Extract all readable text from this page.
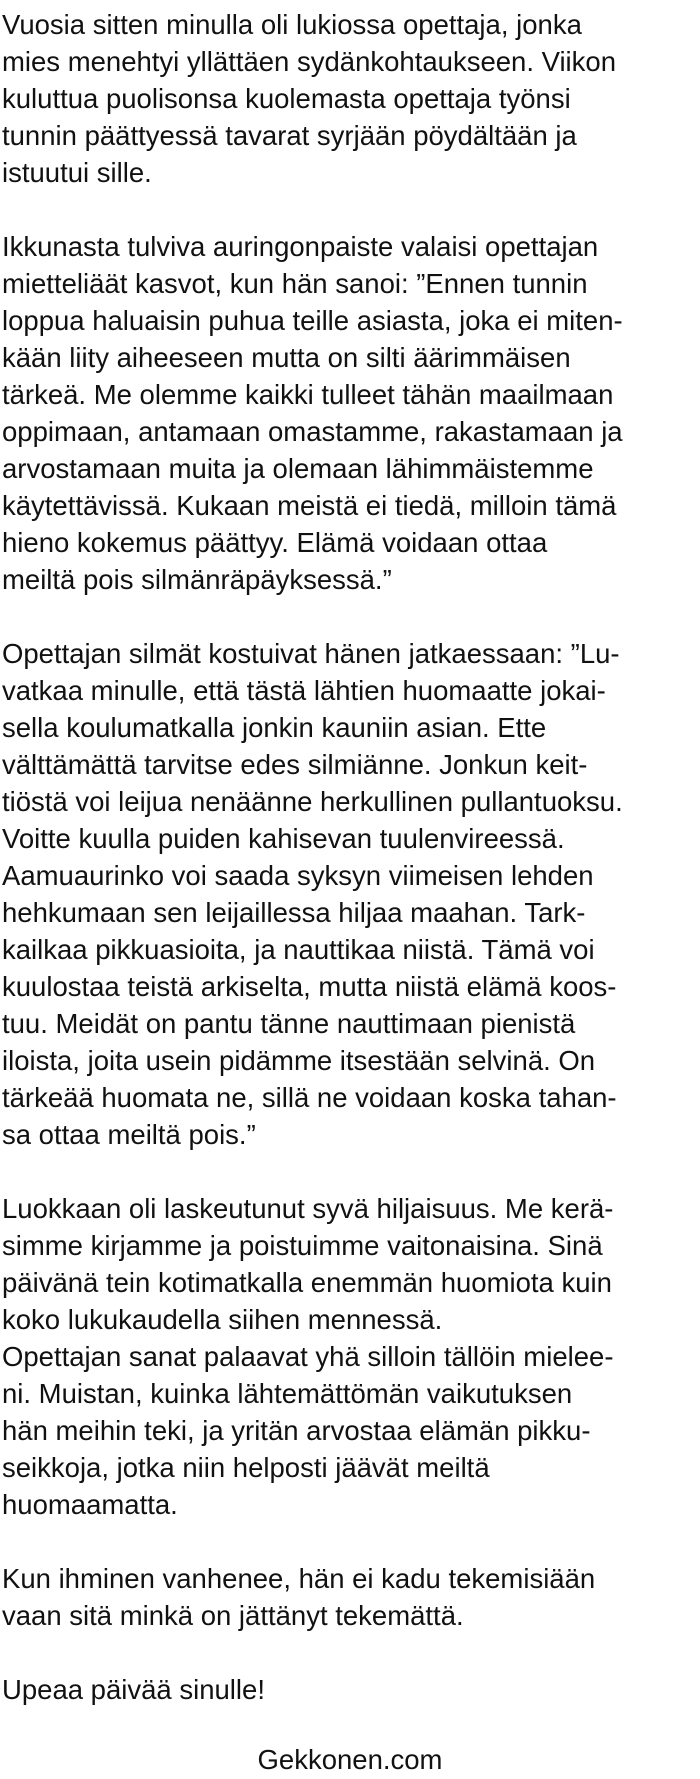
Vuosia sitten minulla oli lukiossa opettaja, jonka
mies menehtyi yllättäen sydänkohtaukseen. Viikon
kuluttua puolisonsa kuolemasta opettaja työnsi
tunnin päättyessä tavarat syrjään pöydältään ja
istuutui sille.

Ikkunasta tulviva auringonpaiste valaisi opettajan
mietteliäät kasvot, kun hän sanoi: ”Ennen tunnin
loppua haluaisin puhua teille asiasta, joka ei miten-
kään liity aiheeseen mutta on silti äärimmäisen
tärkeä. Me olemme kaikki tulleet tähän maailmaan
oppimaan, antamaan omastamme, rakastamaan ja
arvostamaan muita ja olemaan lähimmäistemme
käytettävissä. Kukaan meistä ei tiedä, milloin tämä
hieno kokemus päättyy. Elämä voidaan ottaa
meiltä pois silmänräpäyksessä.”

Opettajan silmät kostuivat hänen jatkaessaan: ”Lu-
vatkaa minulle, että tästä lähtien huomaatte jokai-
sella koulumatkalla jonkin kauniin asian. Ette
välttämättä tarvitse edes silmiänne. Jonkun keit-
tiöstä voi leijua nenäänne herkullinen pullantuoksu.
Voitte kuulla puiden kahisevan tuulenvireessä.
Aamuaurinko voi saada syksyn viimeisen lehden
hehkumaan sen leijaillessa hiljaa maahan. Tark-
kailkaa pikkuasioita, ja nauttikaa niistä. Tämä voi
kuulostaa teistä arkiselta, mutta niistä elämä koos-
tuu. Meidät on pantu tänne nauttimaan pienistä
iloista, joita usein pidämme itsestään selvinä. On
tärkeää huomata ne, sillä ne voidaan koska tahan-
sa ottaa meiltä pois.”

Luokkaan oli laskeutunut syvä hiljaisuus. Me kerä-
simme kirjamme ja poistuimme vaitonaisina. Sinä
päivänä tein kotimatkalla enemmän huomiota kuin
koko lukukaudella siihen mennessä.

Opettajan sanat palaavat yhä silloin tällöin mielee-
ni. Muistan, kuinka lähtemättömän vaikutuksen
hän meihin teki, ja yritän arvostaa elämän pikku-
seikkoja, jotka niin helposti jäävät meiltä
huomaamatta.

Kun ihminen vanhenee, hän ei kadu tekemisiään
vaan sitä minkä on jättänyt tekemättä.

Upeaa päivää sinulle!

Gekkonen.com
